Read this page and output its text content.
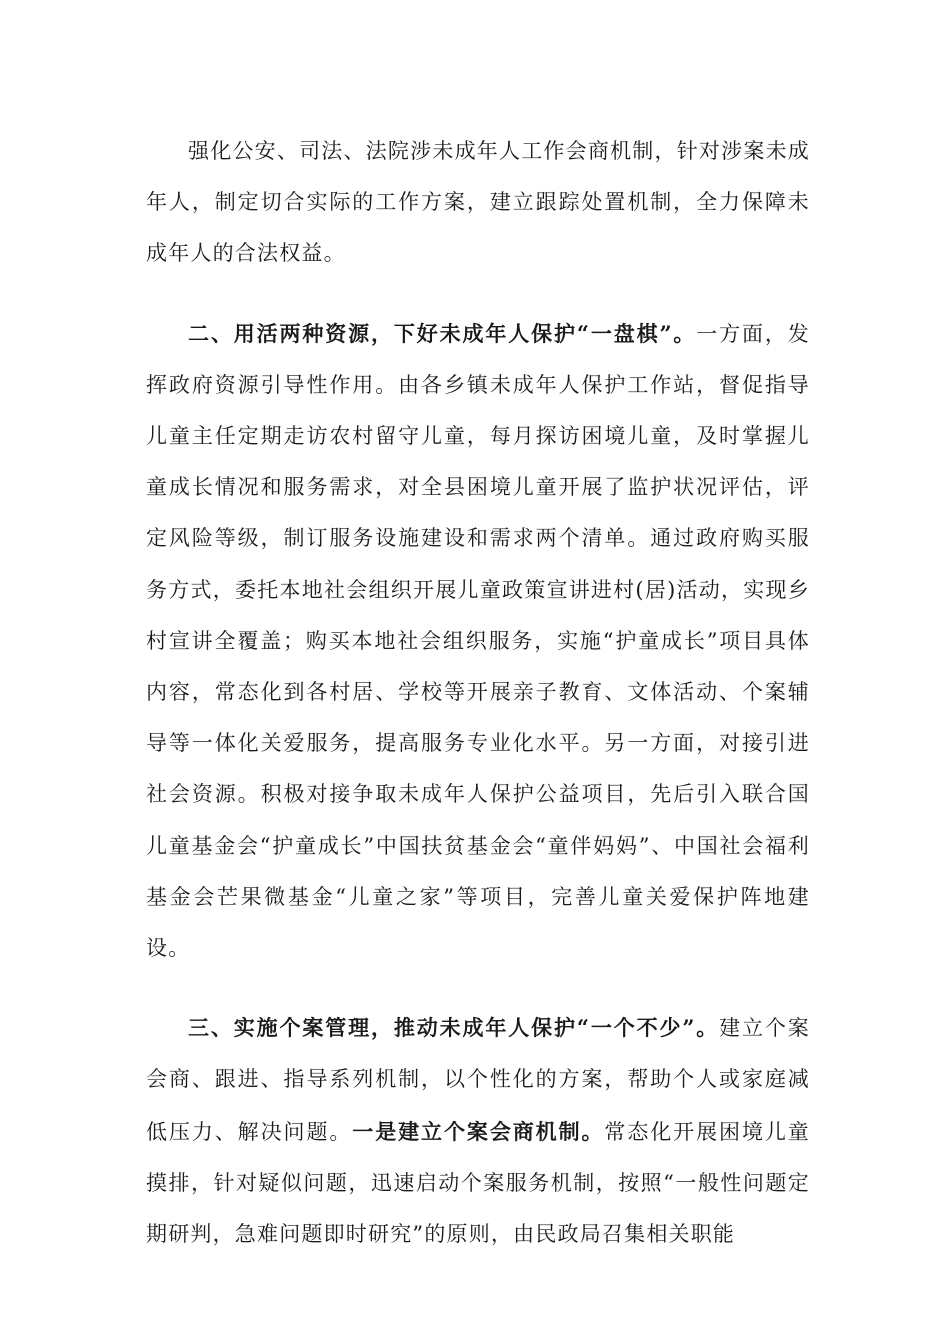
强化公安、司法、法院涉未成年人工作会商机制，针对涉案未成年人，制定切合实际的工作方案，建立跟踪处置机制，全力保障未成年人的合法权益。

二、用活两种资源，下好未成年人保护“一盘棋”。一方面，发挥政府资源引导性作用。由各乡镇未成年人保护工作站，督促指导儿童主任定期走访农村留守儿童，每月探访困境儿童，及时掌握儿童成长情况和服务需求，对全县困境儿童开展了监护状况评估，评定风险等级，制订服务设施建设和需求两个清单。通过政府购买服务方式，委托本地社会组织开展儿童政策宣讲进村(居)活动，实现乡村宣讲全覆盖；购买本地社会组织服务，实施“护童成长”项目具体内容，常态化到各村居、学校等开展亲子教育、文体活动、个案辅导等一体化关爱服务，提高服务专业化水平。另一方面，对接引进社会资源。积极对接争取未成年人保护公益项目，先后引入联合国儿童基金会“护童成长”中国扶贫基金会“童伴妈妈”、中国社会福利基金会芒果微基金“儿童之家”等项目，完善儿童关爱保护阵地建设。

三、实施个案管理，推动未成年人保护“一个不少”。建立个案会商、跟进、指导系列机制，以个性化的方案，帮助个人或家庭减低压力、解决问题。一是建立个案会商机制。常态化开展困境儿童摸排，针对疑似问题，迅速启动个案服务机制，按照“一般性问题定期研判，急难问题即时研究”的原则，由民政局召集相关职能
